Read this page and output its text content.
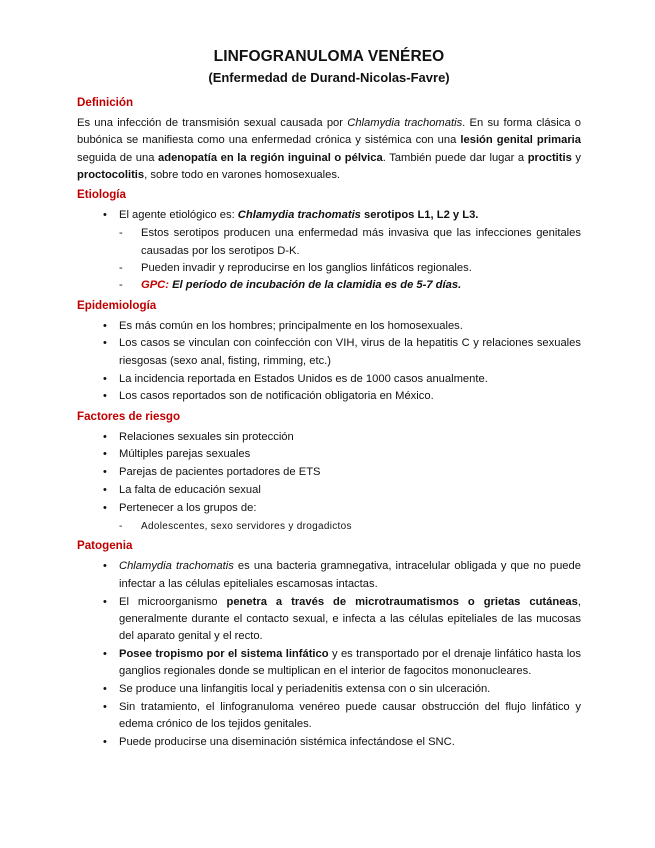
LINFOGRANULOMA VENÉREO
(Enfermedad de Durand-Nicolas-Favre)
Definición

Es una infección de transmisión sexual causada por Chlamydia trachomatis. En su forma clásica o bubónica se manifiesta como una enfermedad crónica y sistémica con una lesión genital primaria seguida de una adenopatía en la región inguinal o pélvica. También puede dar lugar a proctitis y proctocolitis, sobre todo en varones homosexuales.

Etiología
• El agente etiológico es: Chlamydia trachomatis serotipos L1, L2 y L3.
- Estos serotipos producen una enfermedad más invasiva que las infecciones genitales causadas por los serotipos D-K.
- Pueden invadir y reproducirse en los ganglios linfáticos regionales.
- GPC: El período de incubación de la clamidia es de 5-7 días.
Epidemiología
• Es más común en los hombres; principalmente en los homosexuales.
• Los casos se vinculan con coinfección con VIH, virus de la hepatitis C y relaciones sexuales riesgosas (sexo anal, fisting, rimming, etc.)
• La incidencia reportada en Estados Unidos es de 1000 casos anualmente.
• Los casos reportados son de notificación obligatoria en México.
Factores de riesgo
• Relaciones sexuales sin protección
• Múltiples parejas sexuales
• Parejas de pacientes portadores de ETS
• La falta de educación sexual
• Pertenecer a los grupos de:
- Adolescentes, sexo servidores y drogadictos
Patogenia
• Chlamydia trachomatis es una bacteria gramnegativa, intracelular obligada y que no puede infectar a las células epiteliales escamosas intactas.
• El microorganismo penetra a través de microtraumatismos o grietas cutáneas, generalmente durante el contacto sexual, e infecta a las células epiteliales de las mucosas del aparato genital y el recto.
• Posee tropismo por el sistema linfático y es transportado por el drenaje linfático hasta los ganglios regionales donde se multiplican en el interior de fagocitos mononucleares.
• Se produce una linfangitis local y periadenitis extensa con o sin ulceración.
• Sin tratamiento, el linfogranuloma venéreo puede causar obstrucción del flujo linfático y edema crónico de los tejidos genitales.
• Puede producirse una diseminación sistémica infectándose el SNC.
